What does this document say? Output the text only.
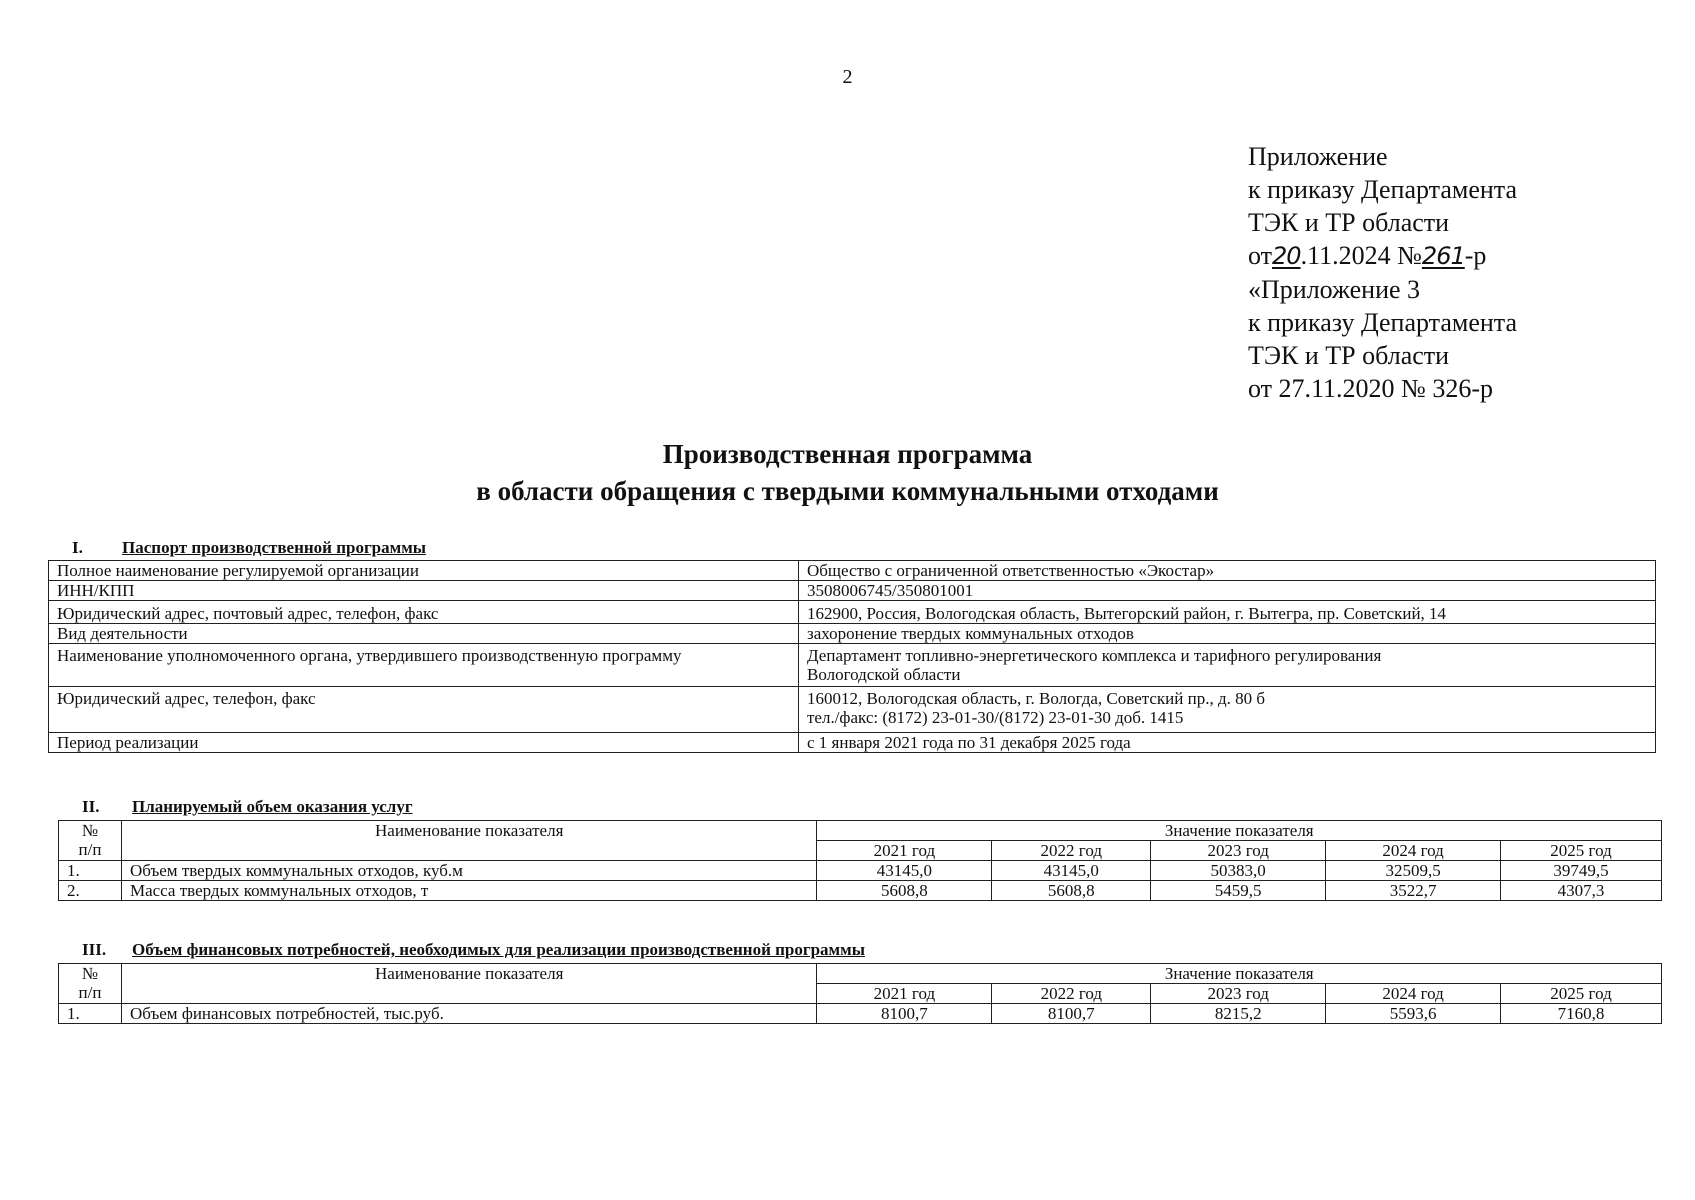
2
Приложение
к приказу Департамента
ТЭК и ТР области
от20.11.2024 №261-р
«Приложение 3
к приказу Департамента
ТЭК и ТР области
от 27.11.2020 № 326-р
Производственная программа
в области обращения с твердыми коммунальными отходами
I. Паспорт производственной программы
Полное наименование регулируемой организации	Общество с ограниченной ответственностью «Экостар»
ИНН/КПП	3508006745/350801001
Юридический адрес, почтовый адрес, телефон, факс	162900, Россия, Вологодская область, Вытегорский район, г. Вытегра, пр. Советский, 14
Вид деятельности	захоронение твердых коммунальных отходов
Наименование уполномоченного органа, утвердившего производственную программу	Департамент топливно-энергетического комплекса и тарифного регулирования
Вологодской области

Юридический адрес, телефон, факс	160012, Вологодская область, г. Вологда, Советский пр., д. 80 б
тел./факс: (8172) 23-01-30/(8172) 23-01-30 доб. 1415

Период реализации	с 1 января 2021 года по 31 декабря 2025 года
II. Планируемый объем оказания услуг
№
п/п	Наименование показателя	Значение показателя				
		2021 год	2022 год	2023 год	2024 год	2025 год
1.	Объем твердых коммунальных отходов, куб.м	43145,0	43145,0	50383,0	32509,5	39749,5
2.	Масса твердых коммунальных отходов, т	5608,8	5608,8	5459,5	3522,7	4307,3
III. Объем финансовых потребностей, необходимых для реализации производственной программы
№
п/п	Наименование показателя	Значение показателя				
		2021 год	2022 год	2023 год	2024 год	2025 год
1.	Объем финансовых потребностей, тыс.руб.	8100,7	8100,7	8215,2	5593,6	7160,8
